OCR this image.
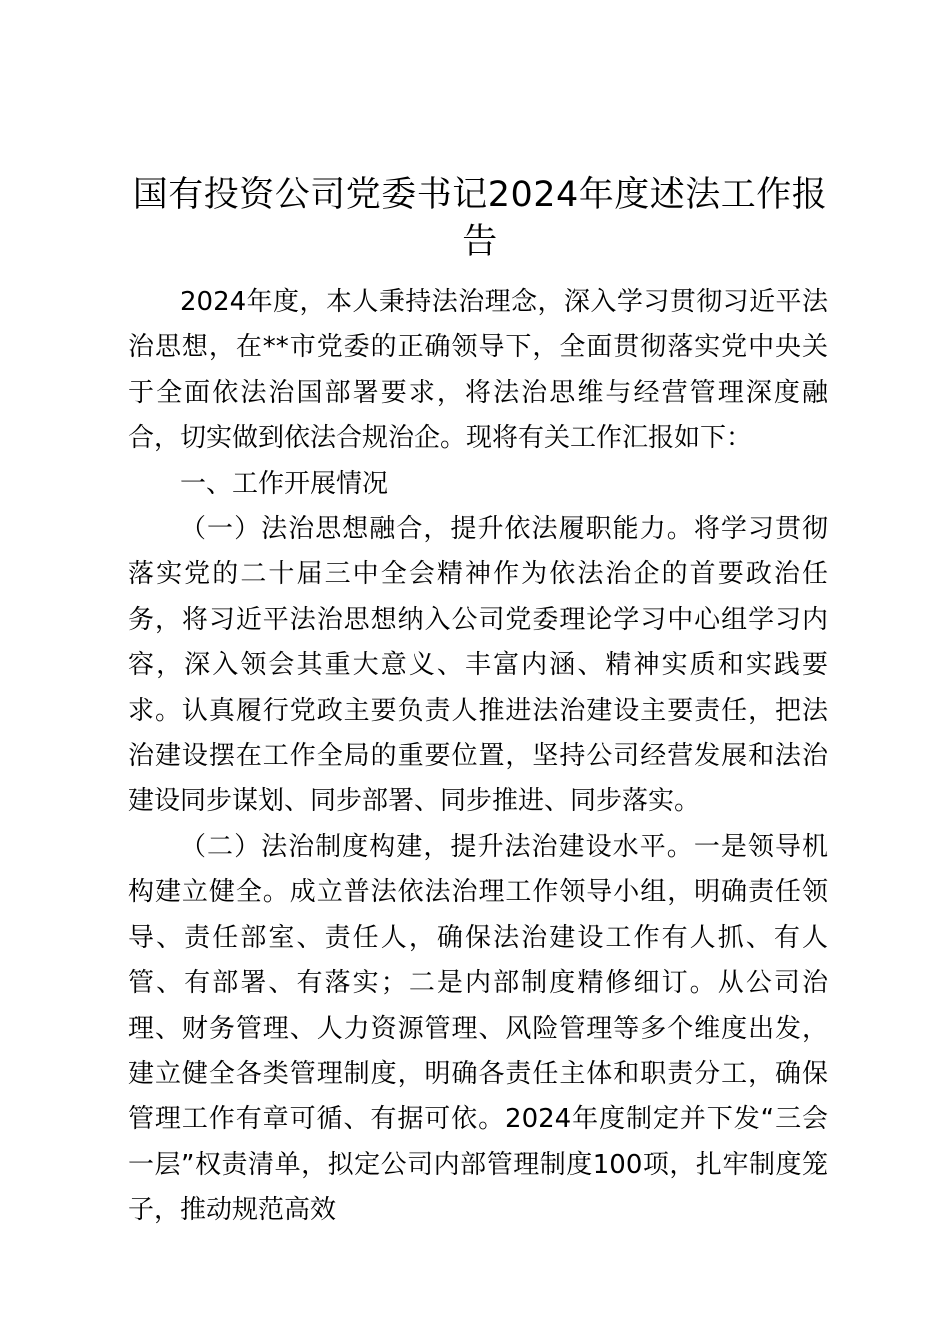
国有投资公司党委书记2024年度述法工作报告

2024年度，本人秉持法治理念，深入学习贯彻习近平法治思想，在**市党委的正确领导下，全面贯彻落实党中央关于全面依法治国部署要求，将法治思维与经营管理深度融合，切实做到依法合规治企。现将有关工作汇报如下：

一、工作开展情况

（一）法治思想融合，提升依法履职能力。将学习贯彻落实党的二十届三中全会精神作为依法治企的首要政治任务，将习近平法治思想纳入公司党委理论学习中心组学习内容，深入领会其重大意义、丰富内涵、精神实质和实践要求。认真履行党政主要负责人推进法治建设主要责任，把法治建设摆在工作全局的重要位置，坚持公司经营发展和法治建设同步谋划、同步部署、同步推进、同步落实。

（二）法治制度构建，提升法治建设水平。一是领导机构建立健全。成立普法依法治理工作领导小组，明确责任领导、责任部室、责任人，确保法治建设工作有人抓、有人管、有部署、有落实；二是内部制度精修细订。从公司治理、财务管理、人力资源管理、风险管理等多个维度出发，建立健全各类管理制度，明确各责任主体和职责分工，确保管理工作有章可循、有据可依。2024年度制定并下发“三会一层”权责清单，拟定公司内部管理制度100项，扎牢制度笼子，推动规范高效
